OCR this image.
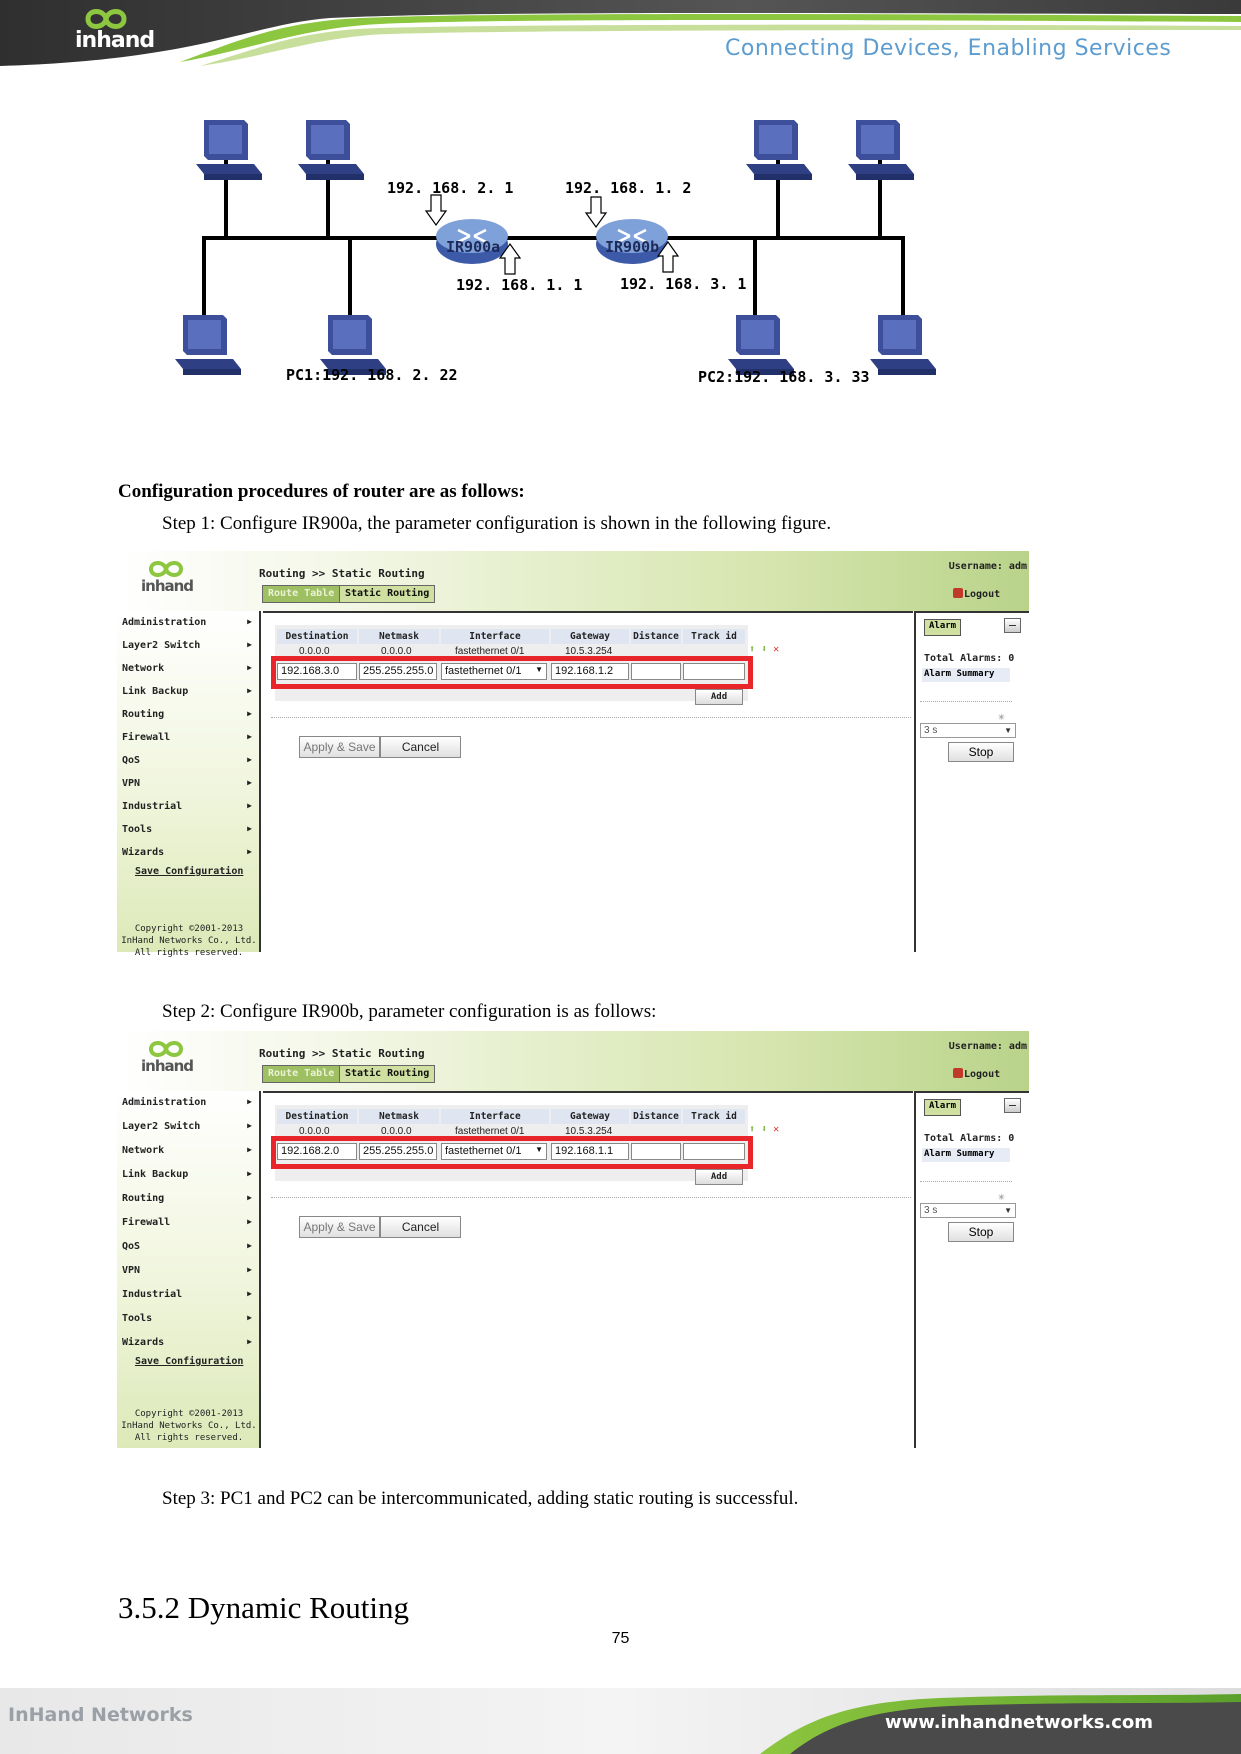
inhand	Connecting Devices, Enabling Services
IR900a	IR900b
192. 168. 2. 1	192. 168. 1. 2
192. 168. 1. 1	192. 168. 3. 1
PC1:192. 168. 2. 22	PC2:192. 168. 3. 33
Configuration procedures of router are as follows:
Step 1: Configure IR900a, the parameter configuration is shown in the following figure.
inhand
Routing >> Static Routing
Username: adm
Logout
Route Table	Static Routing
Administration	▶
Layer2 Switch	▶
Network	▶
Link Backup	▶
Routing	▶
Firewall	▶
QoS	▶
VPN	▶
Industrial	▶
Tools	▶
Wizards	▶
Save Configuration
Copyright ©2001-2013
InHand Networks Co., Ltd.
All rights reserved.
Destination	Netmask	Interface	Gateway	Distance	Track id
0.0.0.0	0.0.0.0	fastethernet 0/1	10.5.3.254	⬆ ⬇ ✕
192.168.3.0	255.255.255.0	fastethernet 0/1 ▼	192.168.1.2
Add
Apply & Save	Cancel
Alarm
Total Alarms: 0
Alarm Summary
✳
3 s	▼
Stop
Step 2: Configure IR900b, parameter configuration is as follows:
inhand
Routing >> Static Routing
Username: adm
Logout
Route Table	Static Routing
Administration	▶
Layer2 Switch	▶
Network	▶
Link Backup	▶
Routing	▶
Firewall	▶
QoS	▶
VPN	▶
Industrial	▶
Tools	▶
Wizards	▶
Save Configuration
Copyright ©2001-2013
InHand Networks Co., Ltd.
All rights reserved.
Destination	Netmask	Interface	Gateway	Distance	Track id
0.0.0.0	0.0.0.0	fastethernet 0/1	10.5.3.254	⬆ ⬇ ✕
192.168.2.0	255.255.255.0	fastethernet 0/1 ▼	192.168.1.1
Add
Apply & Save	Cancel
Alarm
Total Alarms: 0
Alarm Summary
✳
3 s	▼
Stop
Step 3: PC1 and PC2 can be intercommunicated, adding static routing is successful.
3.5.2 Dynamic Routing
75
InHand Networks	www.inhandnetworks.com
